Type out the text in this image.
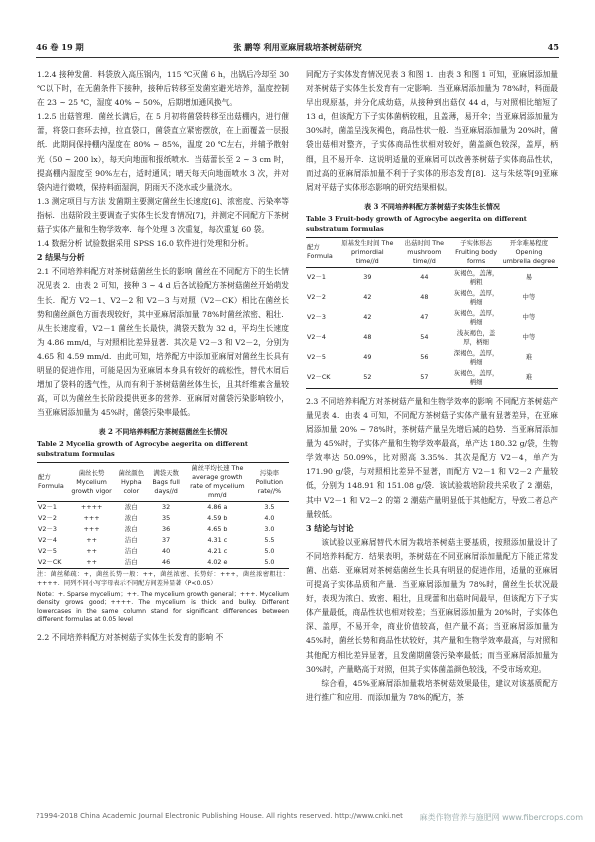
46 卷 19 期	张 鹏等 利用亚麻屑栽培茶树菇研究	45

1.2.4 接种发菌．料袋放入高压锅内，115 ℃灭菌 6 h，出锅后冷却至 30 ℃以下时，在无菌条件下接种，接种后转移至发菌室避光培养，温度控制在 23 ~ 25 ℃，湿度 40% ~ 50%，后期增加通风换气。

1.2.5 出菇管理．菌丝长满后，在 5 月初将菌袋转移至出菇棚内，进行催蕾，将袋口套环去掉，拉直袋口，菌袋直立紧密摆放，在上面覆盖一层报纸．此期间保持棚内湿度在 80% ~ 85%，温度 20 ℃左右，并辅予散射光（50 ~ 200 lx），每天向地面和报纸喷水．当菇蕾长至 2 ~ 3 cm 时，提高棚内湿度至 90%左右，适时通风；晴天每天向地面喷水 3 次，并对袋内进行微喷，保持料面湿润，阴雨天不浇水或少量浇水。

1.3 测定项目与方法 发菌期主要测定菌丝生长速度[6]、浓密度、污染率等指标．出菇阶段主要调查子实体生长发育情况[7]，并测定不同配方下茶树菇子实体产量和生物学效率．每个处理 3 次重复，每次重复 60 袋。

1.4 数据分析 试验数据采用 SPSS 16.0 软件进行处理和分析。

2 结果与分析

2.1 不同培养料配方对茶树菇菌丝生长的影响 菌丝在不同配方下的生长情况见表 2．由表 2 可知，接种 3 ~ 4 d 后各试验配方茶树菇菌丝开始萌发生长．配方 V2－1、V2－2 和 V2－3 与对照（V2－CK）相比在菌丝长势和菌丝颜色方面表现较好，其中亚麻屑添加量 78%时菌丝浓密、粗壮．从生长速度看，V2－1 菌丝生长最快，满袋天数为 32 d，平均生长速度为 4.86 mm/d，与对照相比差异显著．其次是 V2－3 和 V2－2，分别为 4.65 和 4.59 mm/d．由此可知，培养配方中添加亚麻屑对菌丝生长具有明显的促进作用，可能是因为亚麻屑本身具有较好的疏松性，替代木屑后增加了袋料的透气性，从而有利于茶树菇菌丝体生长，且其纤维素含量较高，可以为菌丝生长阶段提供更多的营养．亚麻屑对菌袋污染影响较小，当亚麻屑添加量为 45%时，菌袋污染率最低。

表 2 不同培养料配方茶树菇菌丝生长情况
Table 2 Mycelia growth of Agrocybe aegerita on different substratum formulas
配方 Formula	菌丝长势 Mycelium growth vigor	菌丝颜色 Hypha color	满袋天数 Bags full days//d	菌丝平均长速 The average growth rate of mycelium mm/d	污染率 Pollution rate//%
V2－1	++++	浓白	32	4.86 a	3.5
V2－2	+++	浓白	35	4.59 b	4.0
V2－3	+++	浓白	36	4.65 b	3.0
V2－4	++	洁白	37	4.31 c	5.5
V2－5	++	洁白	40	4.21 c	5.0
V2－CK	++	洁白	46	4.02 e	5.0
注：菌丝稀疏：+，菌丝长势一般：++，菌丝浓密、长势好：+++，菌丝浓密粗壮：++++．同列不同小写字母表示不同配方间差异显著（P<0.05）
Note：+. Sparse mycelium；++. The mycelium growth general；+++. Mycelium density grows good；++++. The mycelium is thick and bulky. Different lowercases in the same column stand for significant differences between different formulas at 0.05 level

2.2 不同培养料配方对茶树菇子实体生长发育的影响 不

同配方子实体发育情况见表 3 和图 1．由表 3 和图 1 可知，亚麻屑添加量对茶树菇子实体生长发育有一定影响．当亚麻屑添加量为 78%时，料面最早出现原基，并分化成幼菇，从接种到出菇仅 44 d，与对照相比缩短了 13 d，但该配方下子实体菌柄较粗，且盖薄，易开伞；当亚麻屑添加量为 30%时，菌盖呈浅灰褐色，商品性状一般．当亚麻屑添加量为 20%时，菌袋出菇相对整齐，子实体商品性状相对较好，菌盖颜色较深，盖厚，柄细，且不易开伞．这说明适量的亚麻屑可以改善茶树菇子实体商品性状，而过高的亚麻屑添加量不利于子实体的形态发育[8]．这与朱炫等[9]亚麻屑对平菇子实体形态影响的研究结果相似。

表 3 不同培养料配方茶树菇子实体生长情况
Table 3 Fruit-body growth of Agrocybe aegerita on different substratum formulas
配方 Formula	原基发生时间 The primordial time//d	出菇时间 The mushroom time//d	子实体形态 Fruiting body forms	开伞难易程度 Opening umbrella degree
V2－1	39	44	灰褐色，盖薄，柄粗	易
V2－2	42	48	灰褐色，盖厚，柄细	中等
V2－3	42	47	灰褐色，盖厚，柄细	中等
V2－4	48	54	浅灰褐色，盖厚，柄细	中等
V2－5	49	56	深褐色，盖厚，柄细	难
V2－CK	52	57	灰褐色，盖厚，柄细	难

2.3 不同培养料配方对茶树菇产量和生物学效率的影响 不同配方茶树菇产量见表 4．由表 4 可知，不同配方茶树菇子实体产量有显著差异，在亚麻屑添加量 20% ~ 78%时，茶树菇产量呈先增后减的趋势．当亚麻屑添加量为 45%时，子实体产量和生物学效率最高，单产达 180.32 g/袋，生物学效率达 50.09%，比对照高 3.35%．其次是配方 V2－4，单产为 171.90 g/袋，与对照相比差异不显著，而配方 V2－1 和 V2－2 产量较低，分别为 148.91 和 151.08 g/袋．该试验栽培阶段共采收了 2 潮菇，其中 V2－1 和 V2－2 的第 2 潮菇产量明显低于其他配方，导致二者总产量较低。

3 结论与讨论

该试验以亚麻屑替代木屑为栽培茶树菇主要基质，按照添加量设计了不同培养料配方．结果表明，茶树菇在不同亚麻屑添加量配方下能正常发菌、出菇．亚麻屑对茶树菇菌丝生长具有明显的促进作用，适量的亚麻屑可提高子实体品质和产量．当亚麻屑添加量为 78%时，菌丝生长状况最好，表现为浓白、致密、粗壮，且现蕾和出菇时间最早，但该配方下子实体产量最低，商品性状也相对较差；当亚麻屑添加量为 20%时，子实体色深、盖厚，不易开伞，商业价值较高，但产量不高；当亚麻屑添加量为 45%时，菌丝长势和商品性状较好，其产量和生物学效率最高，与对照和其他配方相比差异显著，且发菌期菌袋污染率最低；而当亚麻屑添加量为 30%时，产量略高于对照，但其子实体菌盖颜色较浅，不受市场欢迎。

综合看，45%亚麻屑添加量栽培茶树菇效果最佳，建议对该基质配方进行推广和应用．而添加量为 78%的配方，茶

?1994-2018 China Academic Journal Electronic Publishing House. All rights reserved. http://www.cnki.net	麻类作物营养与施肥网 www.fibercrops.com
